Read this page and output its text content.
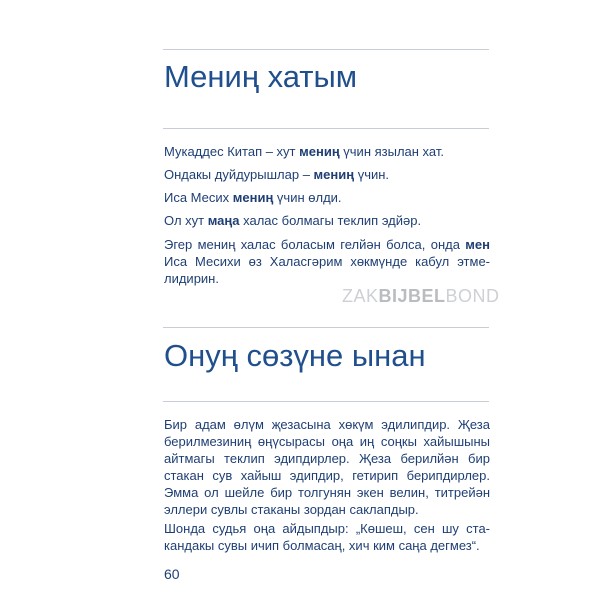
Мениң хатым

Мукаддес Китап – хут мениң үчин язылан хат.

Ондакы дуйдурышлар – мениң үчин.

Иса Месих мениң үчин өлди.

Ол хут маңа халас болмагы теклип эдйәр.

Эгер мениң халас боласым гелйән болса, онда мен Иса Месихи өз Халасгәрим хөкмүнде кабул этме-лидирин.

ZAKBIJBELBOND
Онуң сөзүне ынан

Бир адам өлүм җезасына хөкүм эдилипдир. Җеза берилмезиниң өңүсырасы оңа иң соңкы хайышыны айтмагы теклип эдипдирлер. Җеза берилйән бир стакан сув хайыш эдипдир, гетирип берипдирлер. Эмма ол шейле бир толгунян экен велин, титрейән эллери сувлы стаканы зордан саклапдыр.

Шонда судья оңа айдыпдыр: „Көшеш, сен шу ста-кандакы сувы ичип болмасаң, хич ким саңа дегмез“.

60
